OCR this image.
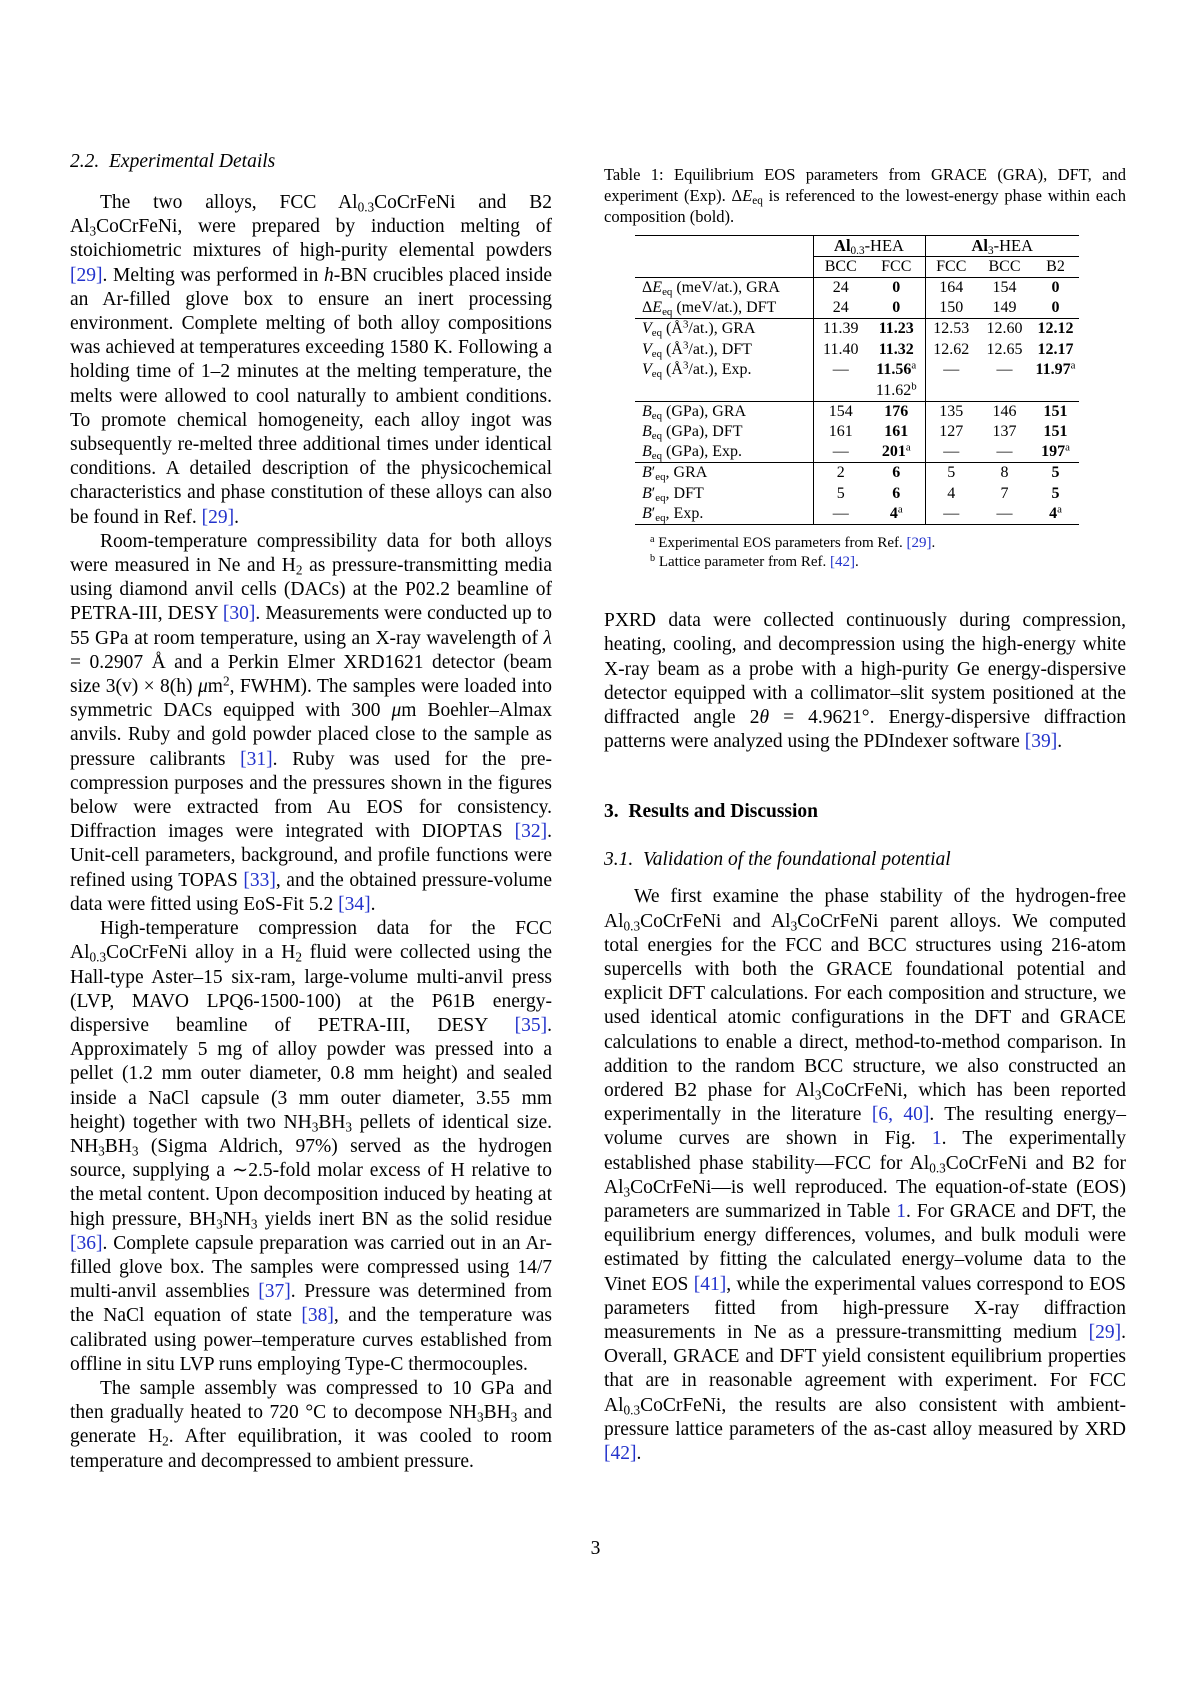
2.2.  Experimental Details

The two alloys, FCC $Al_{0.3}CoCrFeNi$ and B2 $Al_3CoCrFeNi$, were prepared by induction melting of stoichiometric mixtures of high-purity elemental powders [29]. Melting was performed in h-BN crucibles placed inside an Ar-filled glove box to ensure an inert processing environment. Complete melting of both alloy compositions was achieved at temperatures exceeding 1580 K. Following a holding time of 1–2 minutes at the melting temperature, the melts were allowed to cool naturally to ambient conditions. To promote chemical homogeneity, each alloy ingot was subsequently re-melted three additional times under identical conditions. A detailed description of the physicochemical characteristics and phase constitution of these alloys can also be found in Ref. [29].

Room-temperature compressibility data for both alloys were measured in Ne and $H_2$ as pressure-transmitting media using diamond anvil cells (DACs) at the P02.2 beamline of PETRA-III, DESY [30]. Measurements were conducted up to 55 GPa at room temperature, using an X-ray wavelength of λ = 0.2907 Å and a Perkin Elmer XRD1621 detector (beam size 3(v) × 8(h) $\mu m^2$, FWHM). The samples were loaded into symmetric DACs equipped with 300 μm Boehler–Almax anvils. Ruby and gold powder placed close to the sample as pressure calibrants [31]. Ruby was used for the pre-compression purposes and the pressures shown in the figures below were extracted from Au EOS for consistency. Diffraction images were integrated with DIOPTAS [32]. Unit-cell parameters, background, and profile functions were refined using TOPAS [33], and the obtained pressure-volume data were fitted using EoS-Fit 5.2 [34].

High-temperature compression data for the FCC $Al_{0.3}CoCrFeNi$ alloy in a $H_2$ fluid were collected using the Hall-type Aster–15 six-ram, large-volume multi-anvil press (LVP, MAVO LPQ6-1500-100) at the P61B energy-dispersive beamline of PETRA-III, DESY [35]. Approximately 5 mg of alloy powder was pressed into a pellet (1.2 mm outer diameter, 0.8 mm height) and sealed inside a NaCl capsule (3 mm outer diameter, 3.55 mm height) together with two $NH_3BH_3$ pellets of identical size. $NH_3BH_3$ (Sigma Aldrich, 97%) served as the hydrogen source, supplying a ∼2.5-fold molar excess of H relative to the metal content. Upon decomposition induced by heating at high pressure, $BH_3NH_3$ yields inert BN as the solid residue [36]. Complete capsule preparation was carried out in an Ar-filled glove box. The samples were compressed using 14/7 multi-anvil assemblies [37]. Pressure was determined from the NaCl equation of state [38], and the temperature was calibrated using power–temperature curves established from offline in situ LVP runs employing Type-C thermocouples.

The sample assembly was compressed to 10 GPa and then gradually heated to 720 °C to decompose $NH_3BH_3$ and generate $H_2$. After equilibration, it was cooled to room temperature and decompressed to ambient pressure.

Table 1: Equilibrium EOS parameters from GRACE (GRA), DFT, and experiment (Exp). $\Delta E_{eq}$ is referenced to the lowest-energy phase within each composition (bold).
	$Al_{0.3}$-HEA		$Al_3$-HEA		
	BCC	FCC	FCC	BCC	B2
$\Delta E_{eq}$ (meV/at.), GRA	24	0	164	154	0
$\Delta E_{eq}$ (meV/at.), DFT	24	0	150	149	0
$V_{eq}$ $(Å^3/at.)$, GRA	11.39	11.23	12.53	12.60	12.12
$V_{eq}$ $(Å^3/at.)$, DFT	11.40	11.32	12.62	12.65	12.17
$V_{eq}$ $(Å^3/at.)$, Exp.	—	11.56$^a$	—	—	11.97$^a$
		11.62$^b$			
$B_{eq}$ (GPa), GRA	154	176	135	146	151
$B_{eq}$ (GPa), DFT	161	161	127	137	151
$B_{eq}$ (GPa), Exp.	—	201$^a$	—	—	197$^a$
$B'_{eq}$, GRA	2	6	5	8	5
$B'_{eq}$, DFT	5	6	4	7	5
$B'_{eq}$, Exp.	—	4$^a$	—	—	4$^a$
$^a$ Experimental EOS parameters from Ref. [29].
$^b$ Lattice parameter from Ref. [42].

PXRD data were collected continuously during compression, heating, cooling, and decompression using the high-energy white X-ray beam as a probe with a high-purity Ge energy-dispersive detector equipped with a collimator–slit system positioned at the diffracted angle 2θ = 4.9621°. Energy-dispersive diffraction patterns were analyzed using the PDIndexer software [39].

3.  Results and Discussion
3.1.  Validation of the foundational potential

We first examine the phase stability of the hydrogen-free $Al_{0.3}CoCrFeNi$ and $Al_3CoCrFeNi$ parent alloys. We computed total energies for the FCC and BCC structures using 216-atom supercells with both the GRACE foundational potential and explicit DFT calculations. For each composition and structure, we used identical atomic configurations in the DFT and GRACE calculations to enable a direct, method-to-method comparison. In addition to the random BCC structure, we also constructed an ordered B2 phase for $Al_3CoCrFeNi$, which has been reported experimentally in the literature [6, 40]. The resulting energy–volume curves are shown in Fig. 1. The experimentally established phase stability—FCC for $Al_{0.3}CoCrFeNi$ and B2 for $Al_3CoCrFeNi—is$ well reproduced. The equation-of-state (EOS) parameters are summarized in Table 1. For GRACE and DFT, the equilibrium energy differences, volumes, and bulk moduli were estimated by fitting the calculated energy–volume data to the Vinet EOS [41], while the experimental values correspond to EOS parameters fitted from high-pressure X-ray diffraction measurements in Ne as a pressure-transmitting medium [29]. Overall, GRACE and DFT yield consistent equilibrium properties that are in reasonable agreement with experiment. For FCC $Al_{0.3}CoCrFeNi$, the results are also consistent with ambient-pressure lattice parameters of the as-cast alloy measured by XRD [42].

3
